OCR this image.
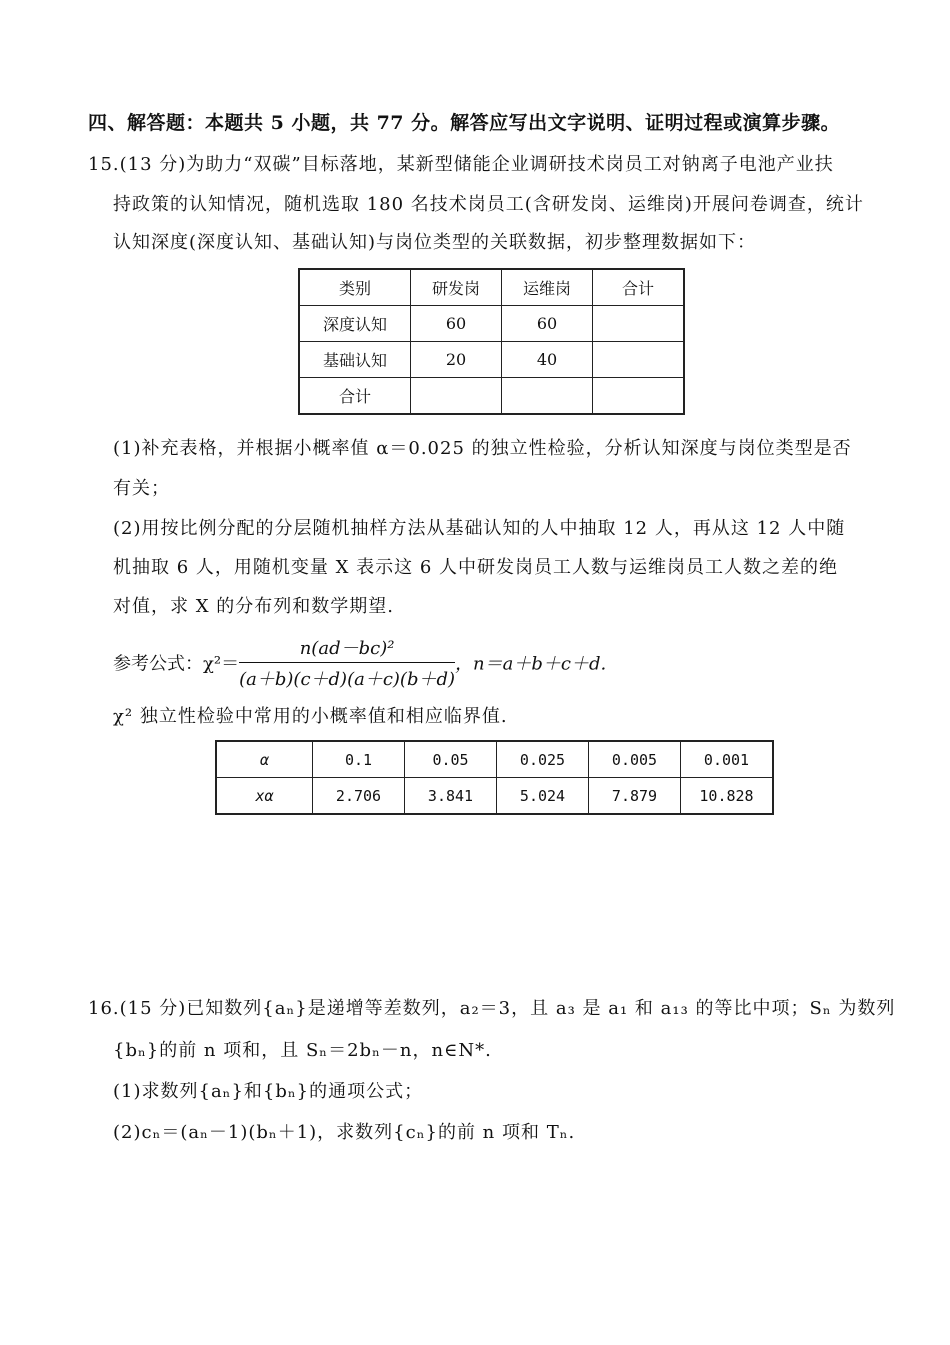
四、解答题：本题共 5 小题，共 77 分。解答应写出文字说明、证明过程或演算步骤。
15.(13 分)为助力“双碳”目标落地，某新型储能企业调研技术岗员工对钠离子电池产业扶
持政策的认知情况，随机选取 180 名技术岗员工(含研发岗、运维岗)开展问卷调查，统计
认知深度(深度认知、基础认知)与岗位类型的关联数据，初步整理数据如下：
类别	研发岗	运维岗	合计
深度认知	60	60	
基础认知	20	40	
合计			
(1)补充表格，并根据小概率值 α＝0.025 的独立性检验，分析认知深度与岗位类型是否
有关；
(2)用按比例分配的分层随机抽样方法从基础认知的人中抽取 12 人，再从这 12 人中随
机抽取 6 人，用随机变量 X 表示这 6 人中研发岗员工人数与运维岗员工人数之差的绝
对值，求 X 的分布列和数学期望.
参考公式：$\chi^2= \frac{\text{n(ad－bc)²}}{(a+b)(c+d)(a+c)(b+d)}$ ，n＝a＋b＋c＋d.
χ² 独立性检验中常用的小概率值和相应临界值.
α	0.1	0.05	0.025	0.005	0.001
xα	2.706	3.841	5.024	7.879	10.828
16.(15 分)已知数列{aₙ}是递增等差数列，a₂＝3，且 a₃ 是 a₁ 和 a₁₃ 的等比中项；Sₙ 为数列
{bₙ}的前 n 项和，且 Sₙ＝2bₙ－n，n∈N*.
(1)求数列{aₙ}和{bₙ}的通项公式；
(2)cₙ＝(aₙ－1)(bₙ＋1)，求数列{cₙ}的前 n 项和 Tₙ.
